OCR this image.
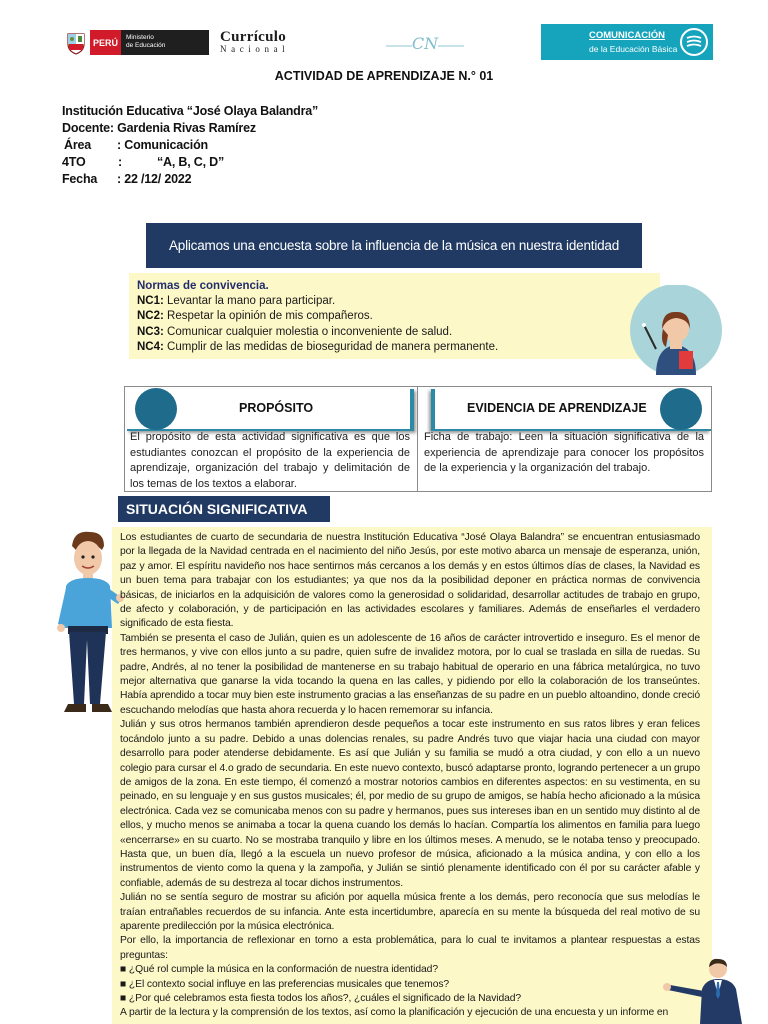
PERÚ	Ministerio
de Educación
Currículo
Nacional	CN	COMUNICACIÓN
de la Educación Básica
ACTIVIDAD DE APRENDIZAJE N.° 01
Institución Educativa “José Olaya Balandra”
Docente: Gardenia Rivas Ramírez
Área : Comunicación
4TO	:	“A, B, C, D”
Fecha : 22 /12/ 2022
Aplicamos una encuesta sobre la influencia de la música en nuestra identidad
Normas de convivencia.
NC1: Levantar la mano para participar.
NC2: Respetar la opinión de mis compañeros.
NC3: Comunicar cualquier molestia o inconveniente de salud.
NC4: Cumplir de las medidas de bioseguridad de manera permanente.
PROPÓSITO	EVIDENCIA DE APRENDIZAJE
El propósito de esta actividad significativa es que los estudiantes conozcan el propósito de la experiencia de aprendizaje, organización del trabajo y delimitación de los temas de los textos a elaborar.
Ficha de trabajo: Leen la situación significativa de la experiencia de aprendizaje para conocer los propósitos de la experiencia y la organización del trabajo.
SITUACIÓN SIGNIFICATIVA

Los estudiantes de cuarto de secundaria de nuestra Institución Educativa “José Olaya Balandra” se encuentran entusiasmado por la llegada de la Navidad centrada en el nacimiento del niño Jesús, por este motivo abarca un mensaje de esperanza, unión, paz y amor. El espíritu navideño nos hace sentirnos más cercanos a los demás y en estos últimos días de clases, la Navidad es un buen tema para trabajar con los estudiantes; ya que nos da la posibilidad deponer en práctica normas de convivencia básicas, de iniciarlos en la adquisición de valores como la generosidad o solidaridad, desarrollar actitudes de trabajo en grupo, de afecto y colaboración, y de participación en las actividades escolares y familiares. Además de enseñarles el verdadero significado de esta fiesta.

También se presenta el caso de Julián, quien es un adolescente de 16 años de carácter introvertido e inseguro. Es el menor de tres hermanos, y vive con ellos junto a su padre, quien sufre de invalidez motora, por lo cual se traslada en silla de ruedas. Su padre, Andrés, al no tener la posibilidad de mantenerse en su trabajo habitual de operario en una fábrica metalúrgica, no tuvo mejor alternativa que ganarse la vida tocando la quena en las calles, y pidiendo por ello la colaboración de los transeúntes. Había aprendido a tocar muy bien este instrumento gracias a las enseñanzas de su padre en un pueblo altoandino, donde creció escuchando melodías que hasta ahora recuerda y lo hacen rememorar su infancia.

Julián y sus otros hermanos también aprendieron desde pequeños a tocar este instrumento en sus ratos libres y eran felices tocándolo junto a su padre. Debido a unas dolencias renales, su padre Andrés tuvo que viajar hacia una ciudad con mayor desarrollo para poder atenderse debidamente. Es así que Julián y su familia se mudó a otra ciudad, y con ello a un nuevo colegio para cursar el 4.o grado de secundaria. En este nuevo contexto, buscó adaptarse pronto, logrando pertenecer a un grupo de amigos de la zona. En este tiempo, él comenzó a mostrar notorios cambios en diferentes aspectos: en su vestimenta, en su peinado, en su lenguaje y en sus gustos musicales; él, por medio de su grupo de amigos, se había hecho aficionado a la música electrónica. Cada vez se comunicaba menos con su padre y hermanos, pues sus intereses iban en un sentido muy distinto al de ellos, y mucho menos se animaba a tocar la quena cuando los demás lo hacían. Compartía los alimentos en familia para luego «encerrarse» en su cuarto. No se mostraba tranquilo y libre en los últimos meses. A menudo, se le notaba tenso y preocupado. Hasta que, un buen día, llegó a la escuela un nuevo profesor de música, aficionado a la música andina, y con ello a los instrumentos de viento como la quena y la zampoña, y Julián se sintió plenamente identificado con él por su carácter afable y confiable, además de su destreza al tocar dichos instrumentos.

Julián no se sentía seguro de mostrar su afición por aquella música frente a los demás, pero reconocía que sus melodías le traían entrañables recuerdos de su infancia. Ante esta incertidumbre, aparecía en su mente la búsqueda del real motivo de su aparente predilección por la música electrónica.

Por ello, la importancia de reflexionar en torno a esta problemática, para lo cual te invitamos a plantear respuestas a estas preguntas:

■ ¿Qué rol cumple la música en la conformación de nuestra identidad?
■ ¿El contexto social influye en las preferencias musicales que tenemos?
■ ¿Por qué celebramos esta fiesta todos los años?, ¿cuáles el significado de la Navidad?

A partir de la lectura y la comprensión de los textos, así como la planificación y ejecución de una encuesta y un informe en
